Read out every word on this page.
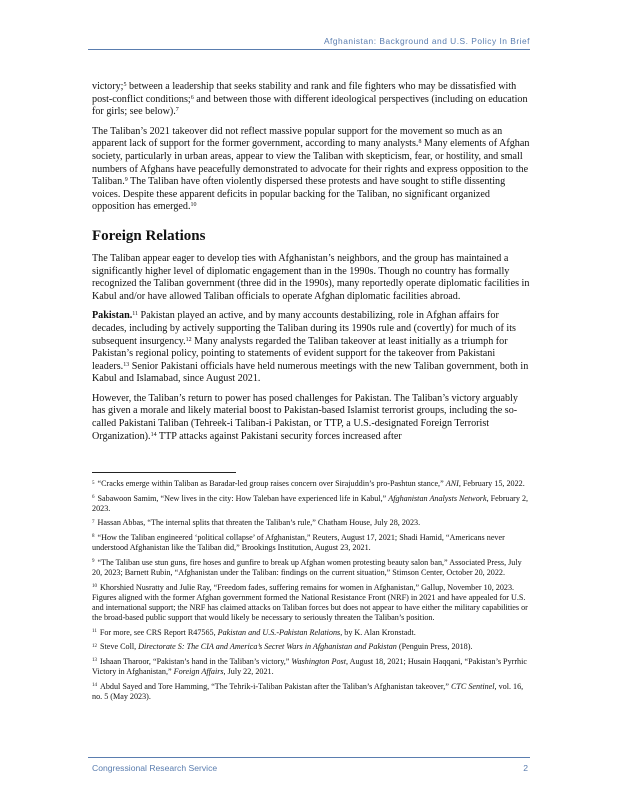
Afghanistan: Background and U.S. Policy In Brief

victory;$^5$ between a leadership that seeks stability and rank and file fighters who may be dissatisfied with post-conflict conditions;$^6$ and between those with different ideological perspectives (including on education for girls; see below).$^7$

The Taliban’s 2021 takeover did not reflect massive popular support for the movement so much as an apparent lack of support for the former government, according to many analysts.$^8$ Many elements of Afghan society, particularly in urban areas, appear to view the Taliban with skepticism, fear, or hostility, and small numbers of Afghans have peacefully demonstrated to advocate for their rights and express opposition to the Taliban.$^9$ The Taliban have often violently dispersed these protests and have sought to stifle dissenting voices. Despite these apparent deficits in popular backing for the Taliban, no significant organized opposition has emerged.$^{10}$

Foreign Relations

The Taliban appear eager to develop ties with Afghanistan’s neighbors, and the group has maintained a significantly higher level of diplomatic engagement than in the 1990s. Though no country has formally recognized the Taliban government (three did in the 1990s), many reportedly operate diplomatic facilities in Kabul and/or have allowed Taliban officials to operate Afghan diplomatic facilities abroad.

Pakistan.$^{11}$ Pakistan played an active, and by many accounts destabilizing, role in Afghan affairs for decades, including by actively supporting the Taliban during its 1990s rule and (covertly) for much of its subsequent insurgency.$^{12}$ Many analysts regarded the Taliban takeover at least initially as a triumph for Pakistan’s regional policy, pointing to statements of evident support for the takeover from Pakistani leaders.$^{13}$ Senior Pakistani officials have held numerous meetings with the new Taliban government, both in Kabul and Islamabad, since August 2021.

However, the Taliban’s return to power has posed challenges for Pakistan. The Taliban’s victory arguably has given a morale and likely material boost to Pakistan-based Islamist terrorist groups, including the so-called Pakistani Taliban (Tehreek-i Taliban-i Pakistan, or TTP, a U.S.-designated Foreign Terrorist Organization).$^{14}$ TTP attacks against Pakistani security forces increased after

$^5$ “Cracks emerge within Taliban as Baradar-led group raises concern over Sirajuddin’s pro-Pashtun stance,” ANI, February 15, 2022.
$^6$ Sabawoon Samim, “New lives in the city: How Taleban have experienced life in Kabul,” Afghanistan Analysts Network, February 2, 2023.
$^7$ Hassan Abbas, “The internal splits that threaten the Taliban’s rule,” Chatham House, July 28, 2023.
$^8$ “How the Taliban engineered ‘political collapse’ of Afghanistan,” Reuters, August 17, 2021; Shadi Hamid, “Americans never understood Afghanistan like the Taliban did,” Brookings Institution, August 23, 2021.
$^9$ “The Taliban use stun guns, fire hoses and gunfire to break up Afghan women protesting beauty salon ban,” Associated Press, July 20, 2023; Barnett Rubin, “Afghanistan under the Taliban: findings on the current situation,” Stimson Center, October 20, 2022.
$^{10}$ Khorshied Nusratty and Julie Ray, “Freedom fades, suffering remains for women in Afghanistan,” Gallup, November 10, 2023. Figures aligned with the former Afghan government formed the National Resistance Front (NRF) in 2021 and have appealed for U.S. and international support; the NRF has claimed attacks on Taliban forces but does not appear to have either the military capabilities or the broad-based public support that would likely be necessary to seriously threaten the Taliban’s position.
$^{11}$ For more, see CRS Report R47565, Pakistan and U.S.-Pakistan Relations, by K. Alan Kronstadt.
$^{12}$ Steve Coll, Directorate S: The CIA and America’s Secret Wars in Afghanistan and Pakistan (Penguin Press, 2018).
$^{13}$ Ishaan Tharoor, “Pakistan’s hand in the Taliban’s victory,” Washington Post, August 18, 2021; Husain Haqqani, “Pakistan’s Pyrrhic Victory in Afghanistan,” Foreign Affairs, July 22, 2021.
$^{14}$ Abdul Sayed and Tore Hamming, “The Tehrik-i-Taliban Pakistan after the Taliban’s Afghanistan takeover,” CTC Sentinel, vol. 16, no. 5 (May 2023).
Congressional Research Service	2
